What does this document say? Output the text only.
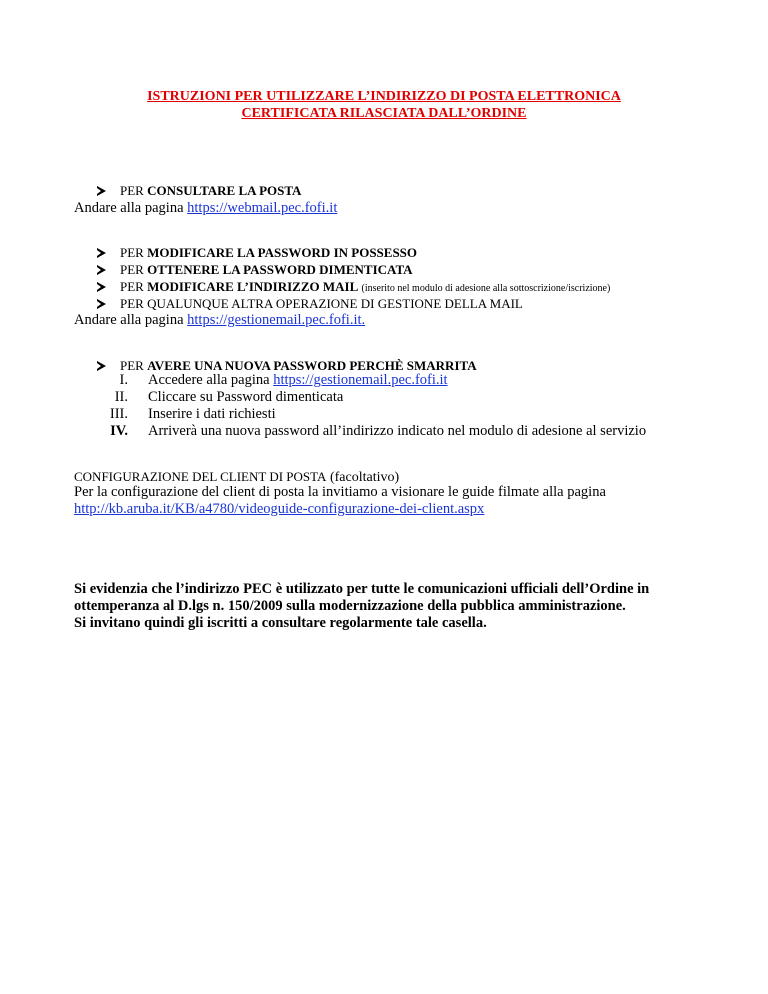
ISTRUZIONI PER UTILIZZARE L’INDIRIZZO DI POSTA ELETTRONICA
CERTIFICATA RILASCIATA DALL’ORDINE
PER CONSULTARE LA POSTA
Andare alla pagina https://webmail.pec.fofi.it
PER MODIFICARE LA PASSWORD IN POSSESSO
PER OTTENERE LA PASSWORD DIMENTICATA
PER MODIFICARE L’INDIRIZZO MAIL (inserito nel modulo di adesione alla sottoscrizione/iscrizione)
PER QUALUNQUE ALTRA OPERAZIONE DI GESTIONE DELLA MAIL
Andare alla pagina https://gestionemail.pec.fofi.it.
PER AVERE UNA NUOVA PASSWORD PERCHÈ SMARRITA
I. Accedere alla pagina https://gestionemail.pec.fofi.it
II. Cliccare su Password dimenticata
III. Inserire i dati richiesti
IV. Arriverà una nuova password all’indirizzo indicato nel modulo di adesione al servizio
CONFIGURAZIONE DEL CLIENT DI POSTA (facoltativo)
Per la configurazione del client di posta la invitiamo a visionare le guide filmate alla pagina
http://kb.aruba.it/KB/a4780/videoguide-configurazione-dei-client.aspx
Si evidenzia che l’indirizzo PEC è utilizzato per tutte le comunicazioni ufficiali dell’Ordine in
ottemperanza al D.lgs n. 150/2009 sulla modernizzazione della pubblica amministrazione.
Si invitano quindi gli iscritti a consultare regolarmente tale casella.
